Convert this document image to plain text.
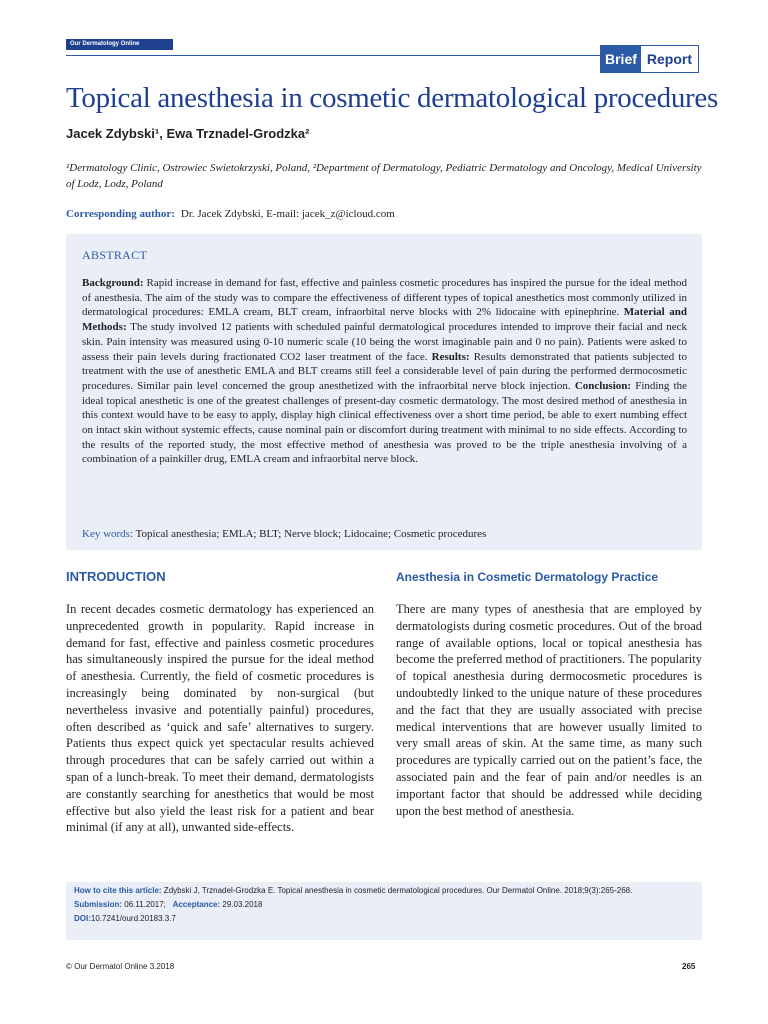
Our Dermatology Online
Brief Report
Topical anesthesia in cosmetic dermatological procedures
Jacek Zdybski¹, Ewa Trznadel-Grodzka²
¹Dermatology Clinic, Ostrowiec Swietokrzyski, Poland, ²Department of Dermatology, Pediatric Dermatology and Oncology, Medical University of Lodz, Lodz, Poland
Corresponding author: Dr. Jacek Zdybski, E-mail: jacek_z@icloud.com
ABSTRACT
Background: Rapid increase in demand for fast, effective and painless cosmetic procedures has inspired the pursue for the ideal method of anesthesia. The aim of the study was to compare the effectiveness of different types of topical anesthetics most commonly utilized in dermatological procedures: EMLA cream, BLT cream, infraorbital nerve blocks with 2% lidocaine with epinephrine. Material and Methods: The study involved 12 patients with scheduled painful dermatological procedures intended to improve their facial and neck skin. Pain intensity was measured using 0-10 numeric scale (10 being the worst imaginable pain and 0 no pain). Patients were asked to assess their pain levels during fractionated CO2 laser treatment of the face. Results: Results demonstrated that patients subjected to treatment with the use of anesthetic EMLA and BLT creams still feel a considerable level of pain during the performed dermocosmetic procedures. Similar pain level concerned the group anesthetized with the infraorbital nerve block injection. Conclusion: Finding the ideal topical anesthetic is one of the greatest challenges of present-day cosmetic dermatology. The most desired method of anesthesia in this context would have to be easy to apply, display high clinical effectiveness over a short time period, be able to exert numbing effect on intact skin without systemic effects, cause nominal pain or discomfort during treatment with minimal to no side effects. According to the results of the reported study, the most effective method of anesthesia was proved to be the triple anesthesia involving of a combination of a painkiller drug, EMLA cream and infraorbital nerve block.
Key words: Topical anesthesia; EMLA; BLT; Nerve block; Lidocaine; Cosmetic procedures
INTRODUCTION
In recent decades cosmetic dermatology has experienced an unprecedented growth in popularity. Rapid increase in demand for fast, effective and painless cosmetic procedures has simultaneously inspired the pursue for the ideal method of anesthesia. Currently, the field of cosmetic procedures is increasingly being dominated by non-surgical (but nevertheless invasive and potentially painful) procedures, often described as ‘quick and safe’ alternatives to surgery. Patients thus expect quick yet spectacular results achieved through procedures that can be safely carried out within a span of a lunch-break. To meet their demand, dermatologists are constantly searching for anesthetics that would be most effective but also yield the least risk for a patient and bear minimal (if any at all), unwanted side-effects.
Anesthesia in Cosmetic Dermatology Practice
There are many types of anesthesia that are employed by dermatologists during cosmetic procedures. Out of the broad range of available options, local or topical anesthesia has become the preferred method of practitioners. The popularity of topical anesthesia during dermocosmetic procedures is undoubtedly linked to the unique nature of these procedures and the fact that they are usually associated with precise medical interventions that are however usually limited to very small areas of skin. At the same time, as many such procedures are typically carried out on the patient’s face, the associated pain and the fear of pain and/or needles is an important factor that should be addressed while deciding upon the best method of anesthesia.
How to cite this article: Zdybski J, Trznadel-Grodzka E. Topical anesthesia in cosmetic dermatological procedures. Our Dermatol Online. 2018;9(3):265-268.
Submission: 06.11.2017; Acceptance: 29.03.2018
DOI:10.7241/ourd.20183.3.7
© Our Dermatol Online 3.2018	265
